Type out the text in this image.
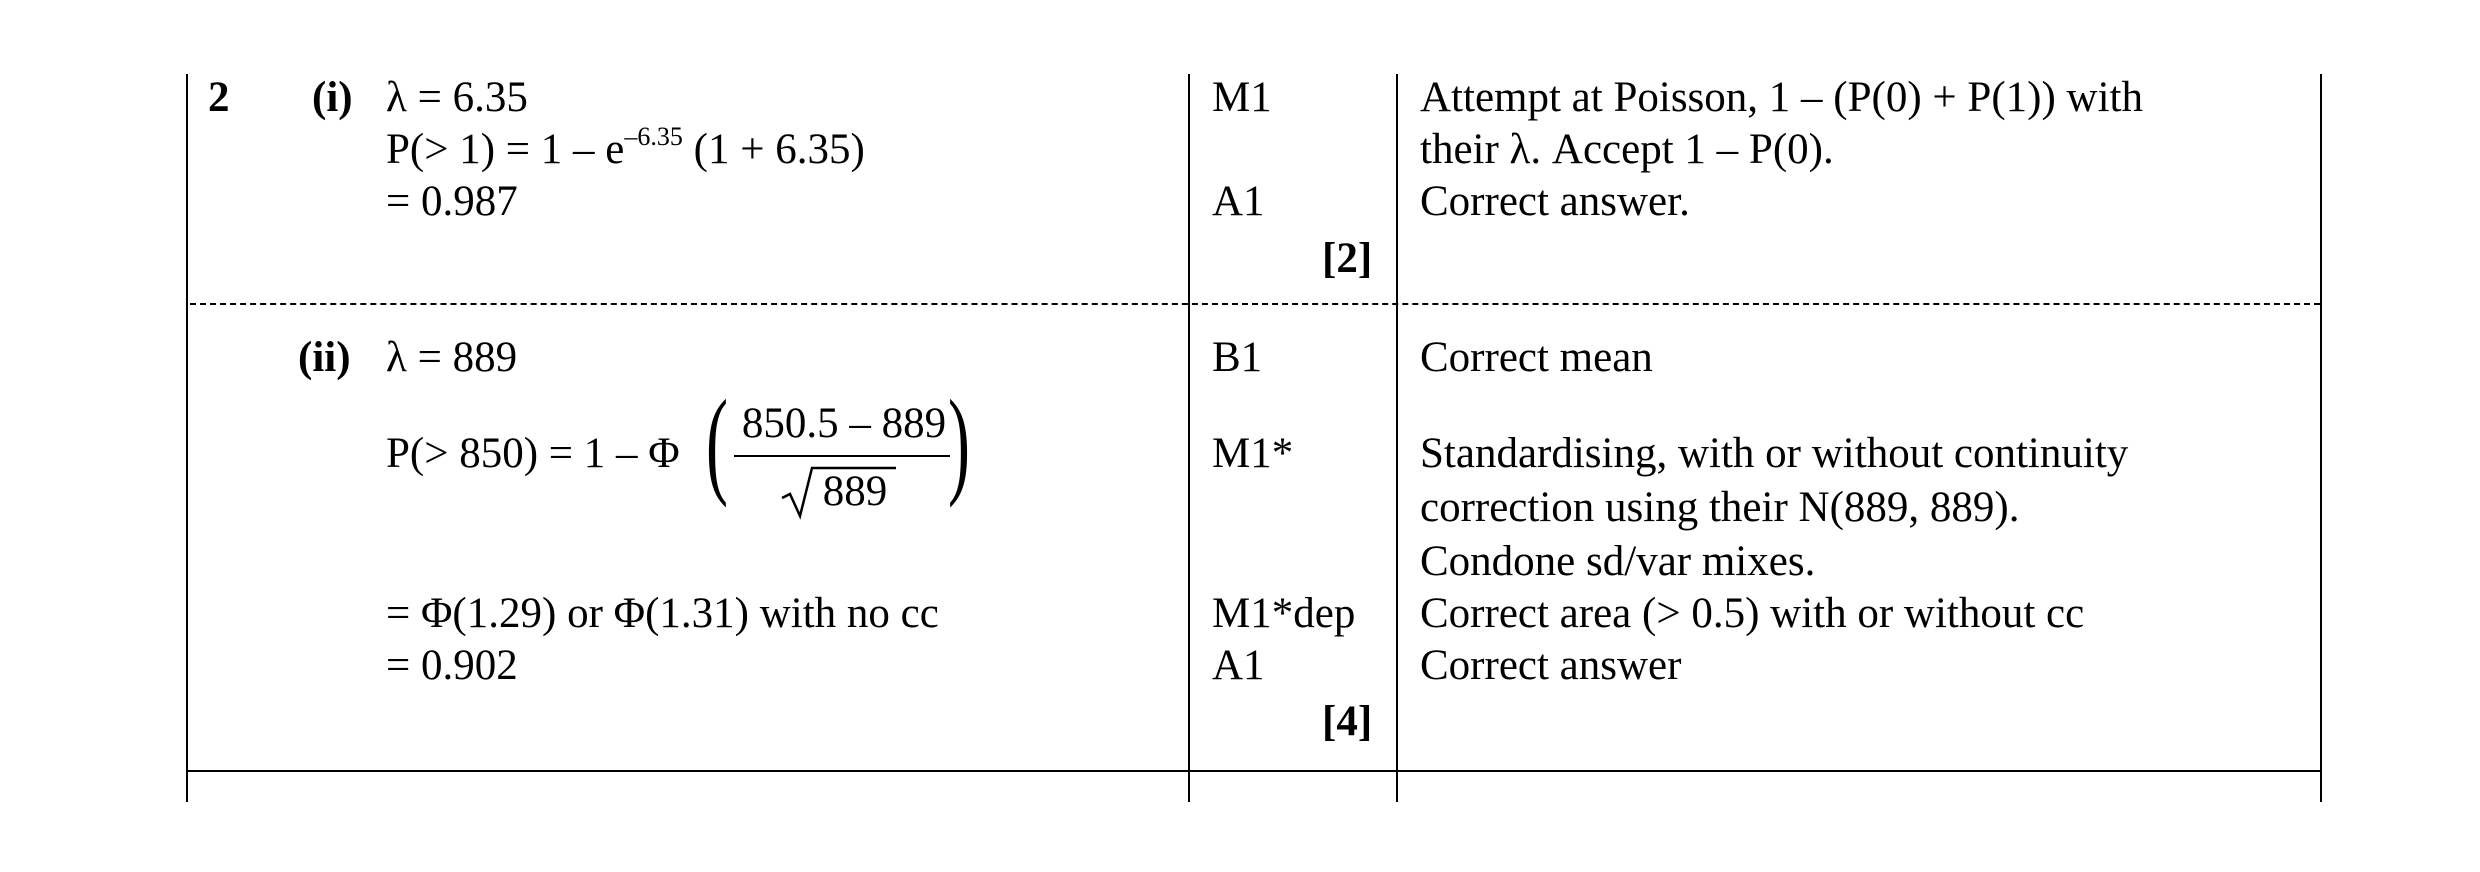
2 (i) λ = 6.35
$P(> 1) = 1 - e^{-6.35}$ (1 + 6.35)
= 0.987
M1
A1
[2]
Attempt at Poisson, 1 – (P(0) + P(1)) with
their λ. Accept 1 – P(0).
Correct answer.
(ii) λ = 889
P(> 850) = 1 – Φ ( 850.5 – 889
889 )
= Φ(1.29) or Φ(1.31) with no cc
= 0.902
B1
M1*
M1*dep
A1
[4]
Correct mean
Standardising, with or without continuity
correction using their N(889, 889).
Condone sd/var mixes.
Correct area (> 0.5) with or without cc
Correct answer
